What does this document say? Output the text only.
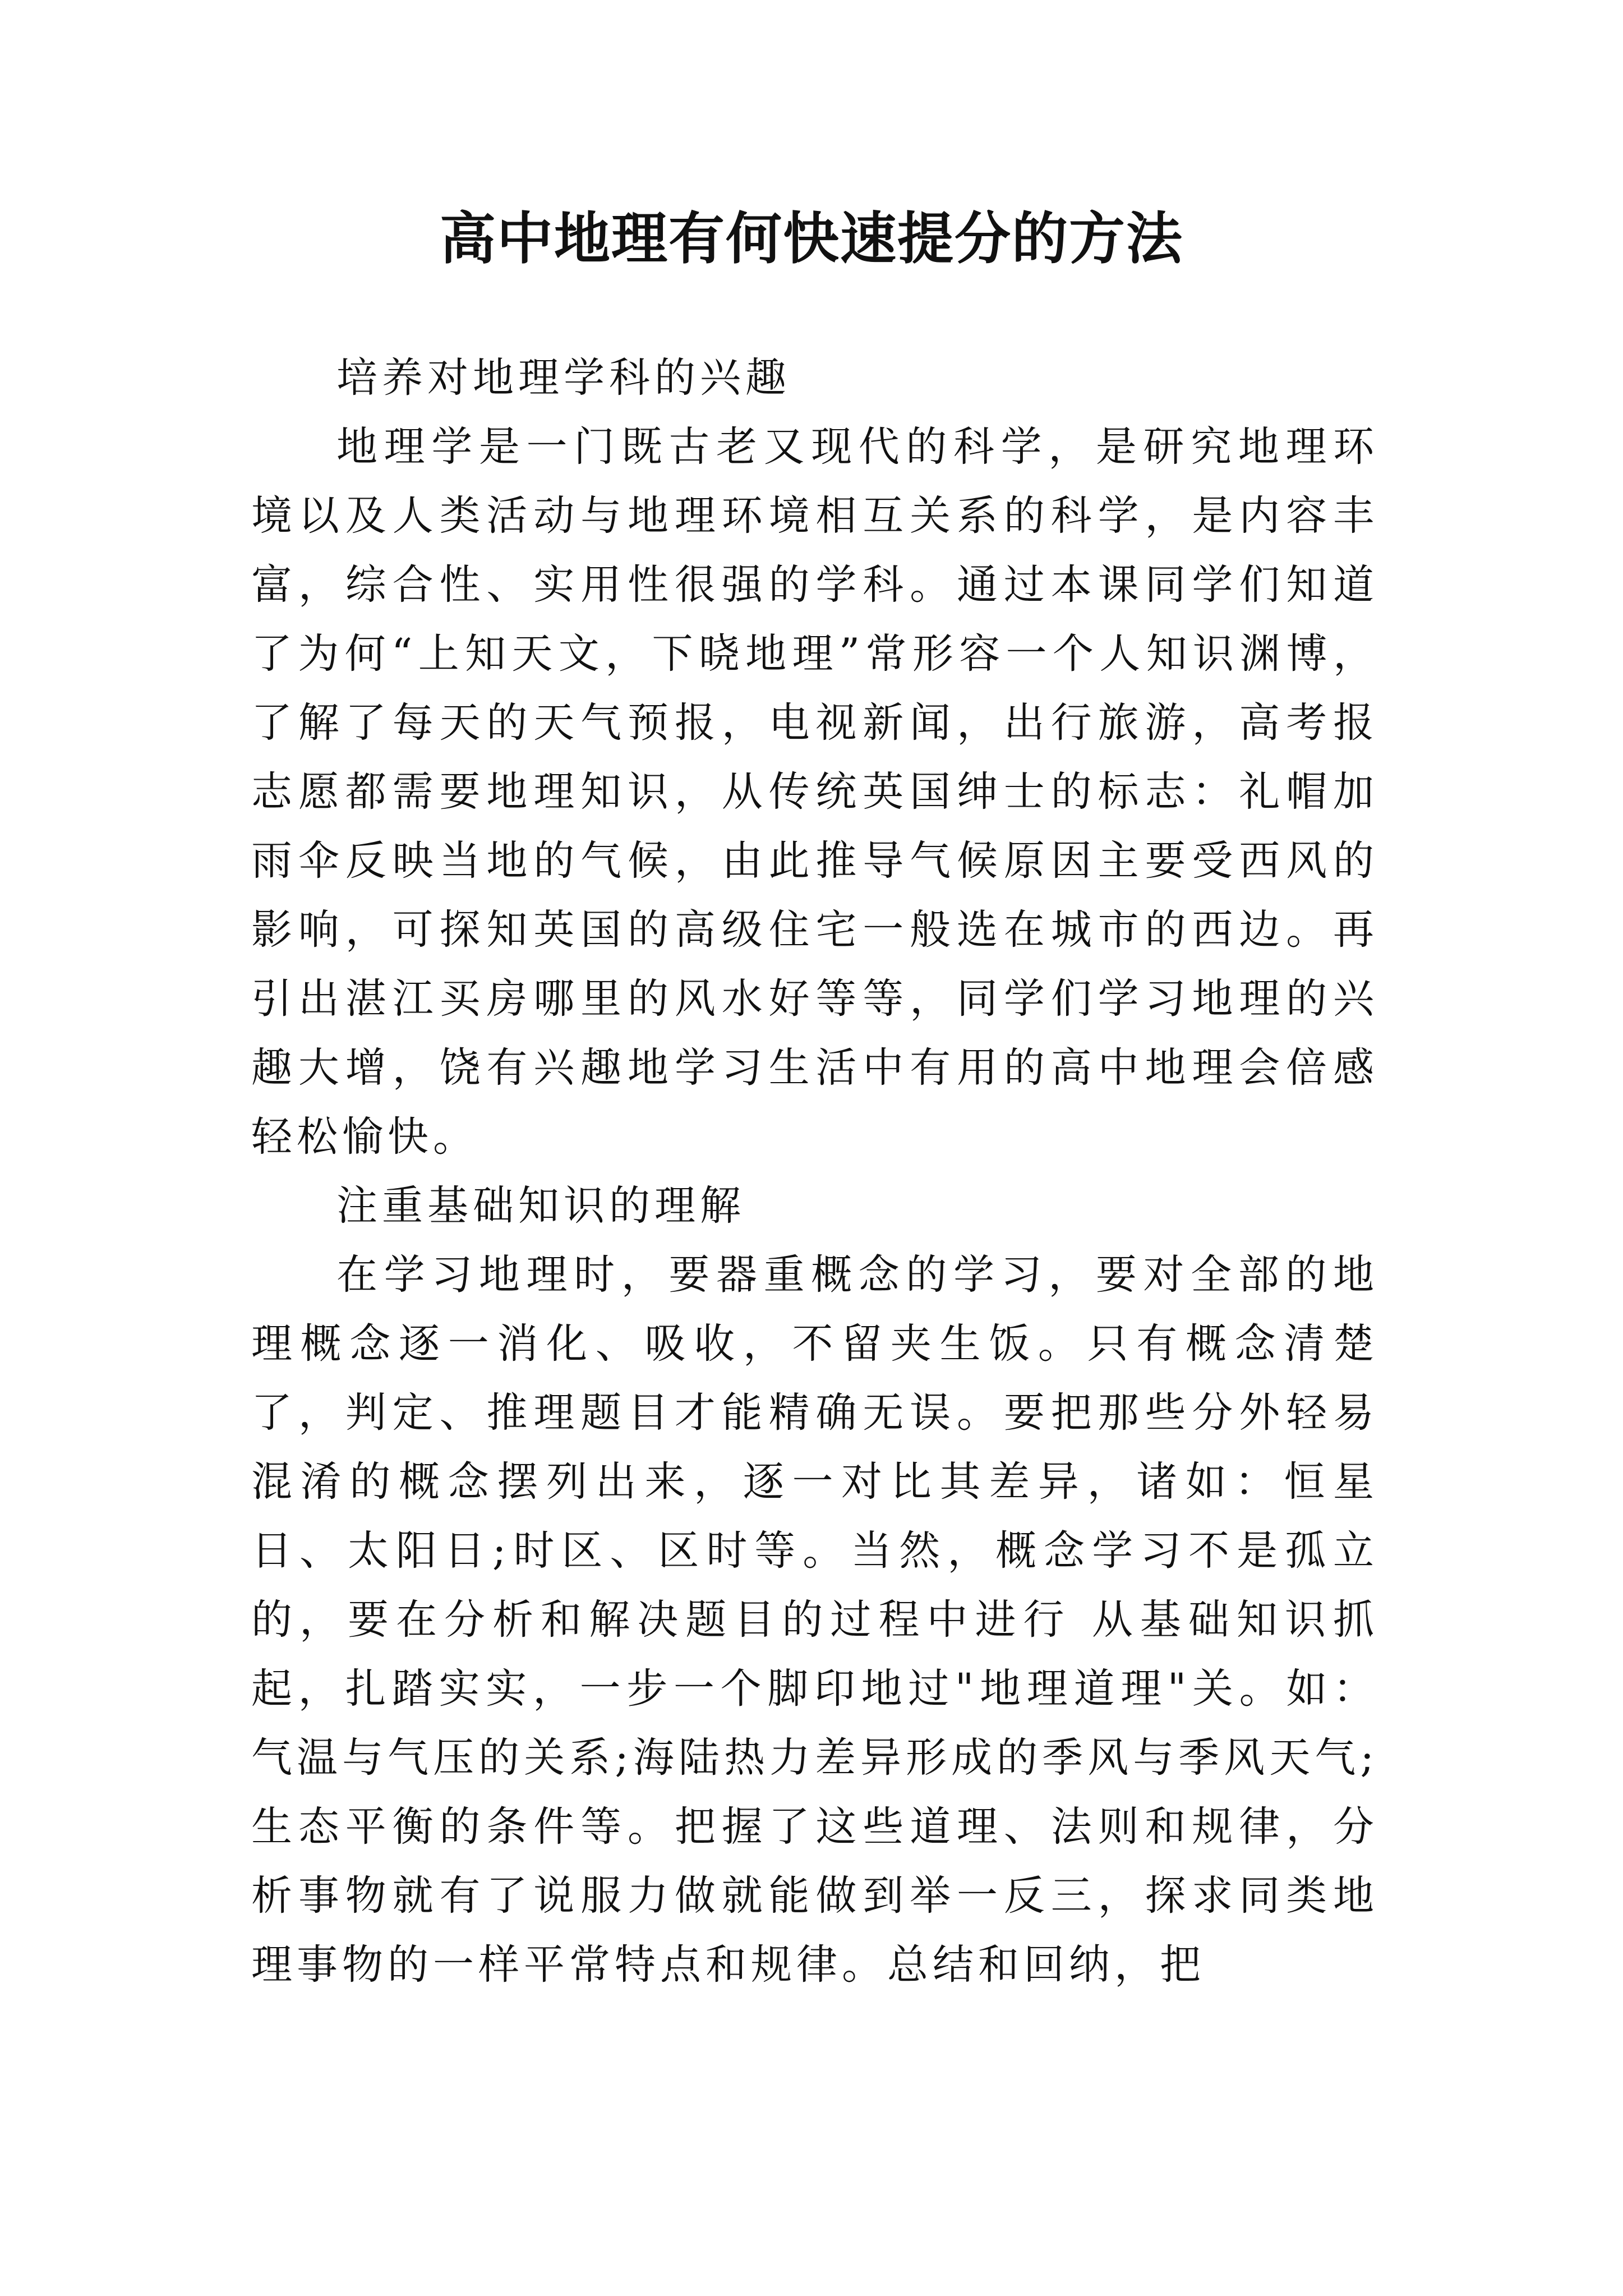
高中地理有何快速提分的方法

培养对地理学科的兴趣

地理学是一门既古老又现代的科学，是研究地理环境以及人类活动与地理环境相互关系的科学，是内容丰富，综合性、实用性很强的学科。通过本课同学们知道了为何“上知天文，下晓地理”常形容一个人知识渊博，了解了每天的天气预报，电视新闻，出行旅游，高考报志愿都需要地理知识，从传统英国绅士的标志：礼帽加雨伞反映当地的气候，由此推导气候原因主要受西风的影响，可探知英国的高级住宅一般选在城市的西边。再引出湛江买房哪里的风水好等等，同学们学习地理的兴趣大增，饶有兴趣地学习生活中有用的高中地理会倍感轻松愉快。

注重基础知识的理解

在学习地理时，要器重概念的学习，要对全部的地理概念逐一消化、吸收，不留夹生饭。只有概念清楚了，判定、推理题目才能精确无误。要把那些分外轻易混淆的概念摆列出来，逐一对比其差异，诸如：恒星日、太阳日;时区、区时等。当然，概念学习不是孤立的，要在分析和解决题目的过程中进行 从基础知识抓起，扎踏实实，一步一个脚印地过"地理道理"关。如：气温与气压的关系;海陆热力差异形成的季风与季风天气;生态平衡的条件等。把握了这些道理、法则和规律，分析事物就有了说服力做就能做到举一反三，探求同类地理事物的一样平常特点和规律。总结和回纳，把
